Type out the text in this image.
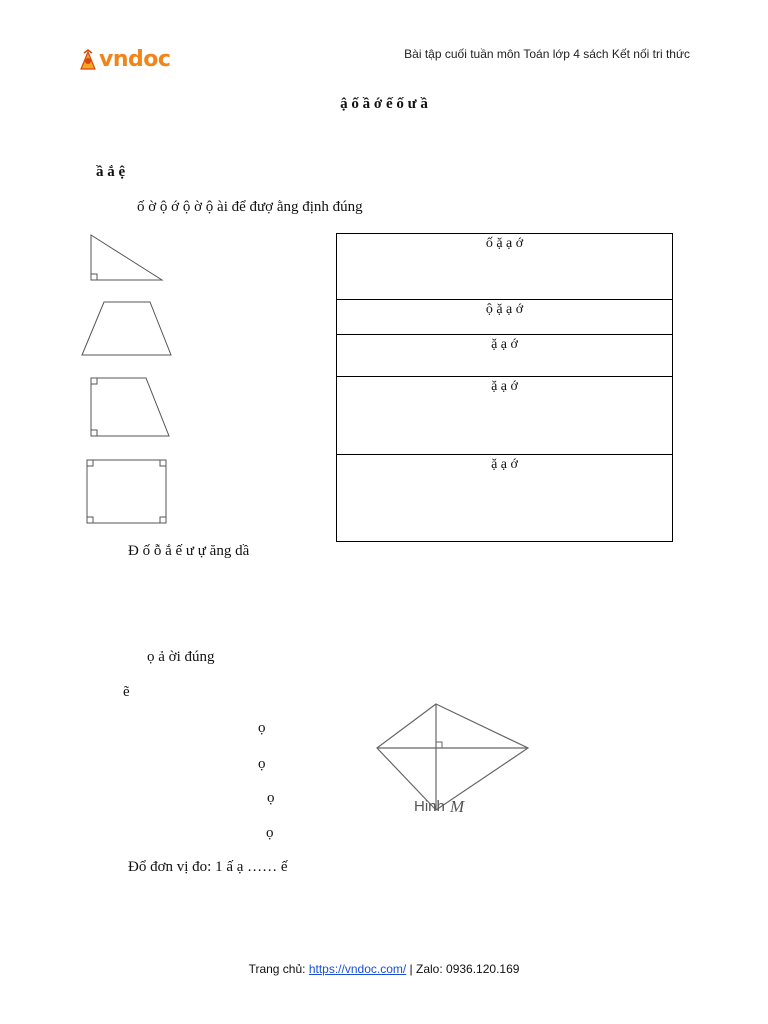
vndoc	Bài tập cuối tuần môn Toán lớp 4 sách Kết nối tri thức
ậ ố ầ ớ ế ố ư ầ
ầ ắ ệ
ố ờ ộ ớ ộ ờ ộ ài để đượ ằng định đúng
ố ặ ạ ớ
ộ ặ ạ ớ
ặ ạ ớ
ặ ạ ớ
ặ ạ ớ
Đ ố ỗ ắ ế ư ự ăng dầ
ọ ả ời đúng
ẽ
ọ
ọ
ọ
ọ
Hinh M
Đổ đơn vị đo: 1 ấ ạ …… ế
Trang chủ: https://vndoc.com/ | Zalo: 0936.120.169
